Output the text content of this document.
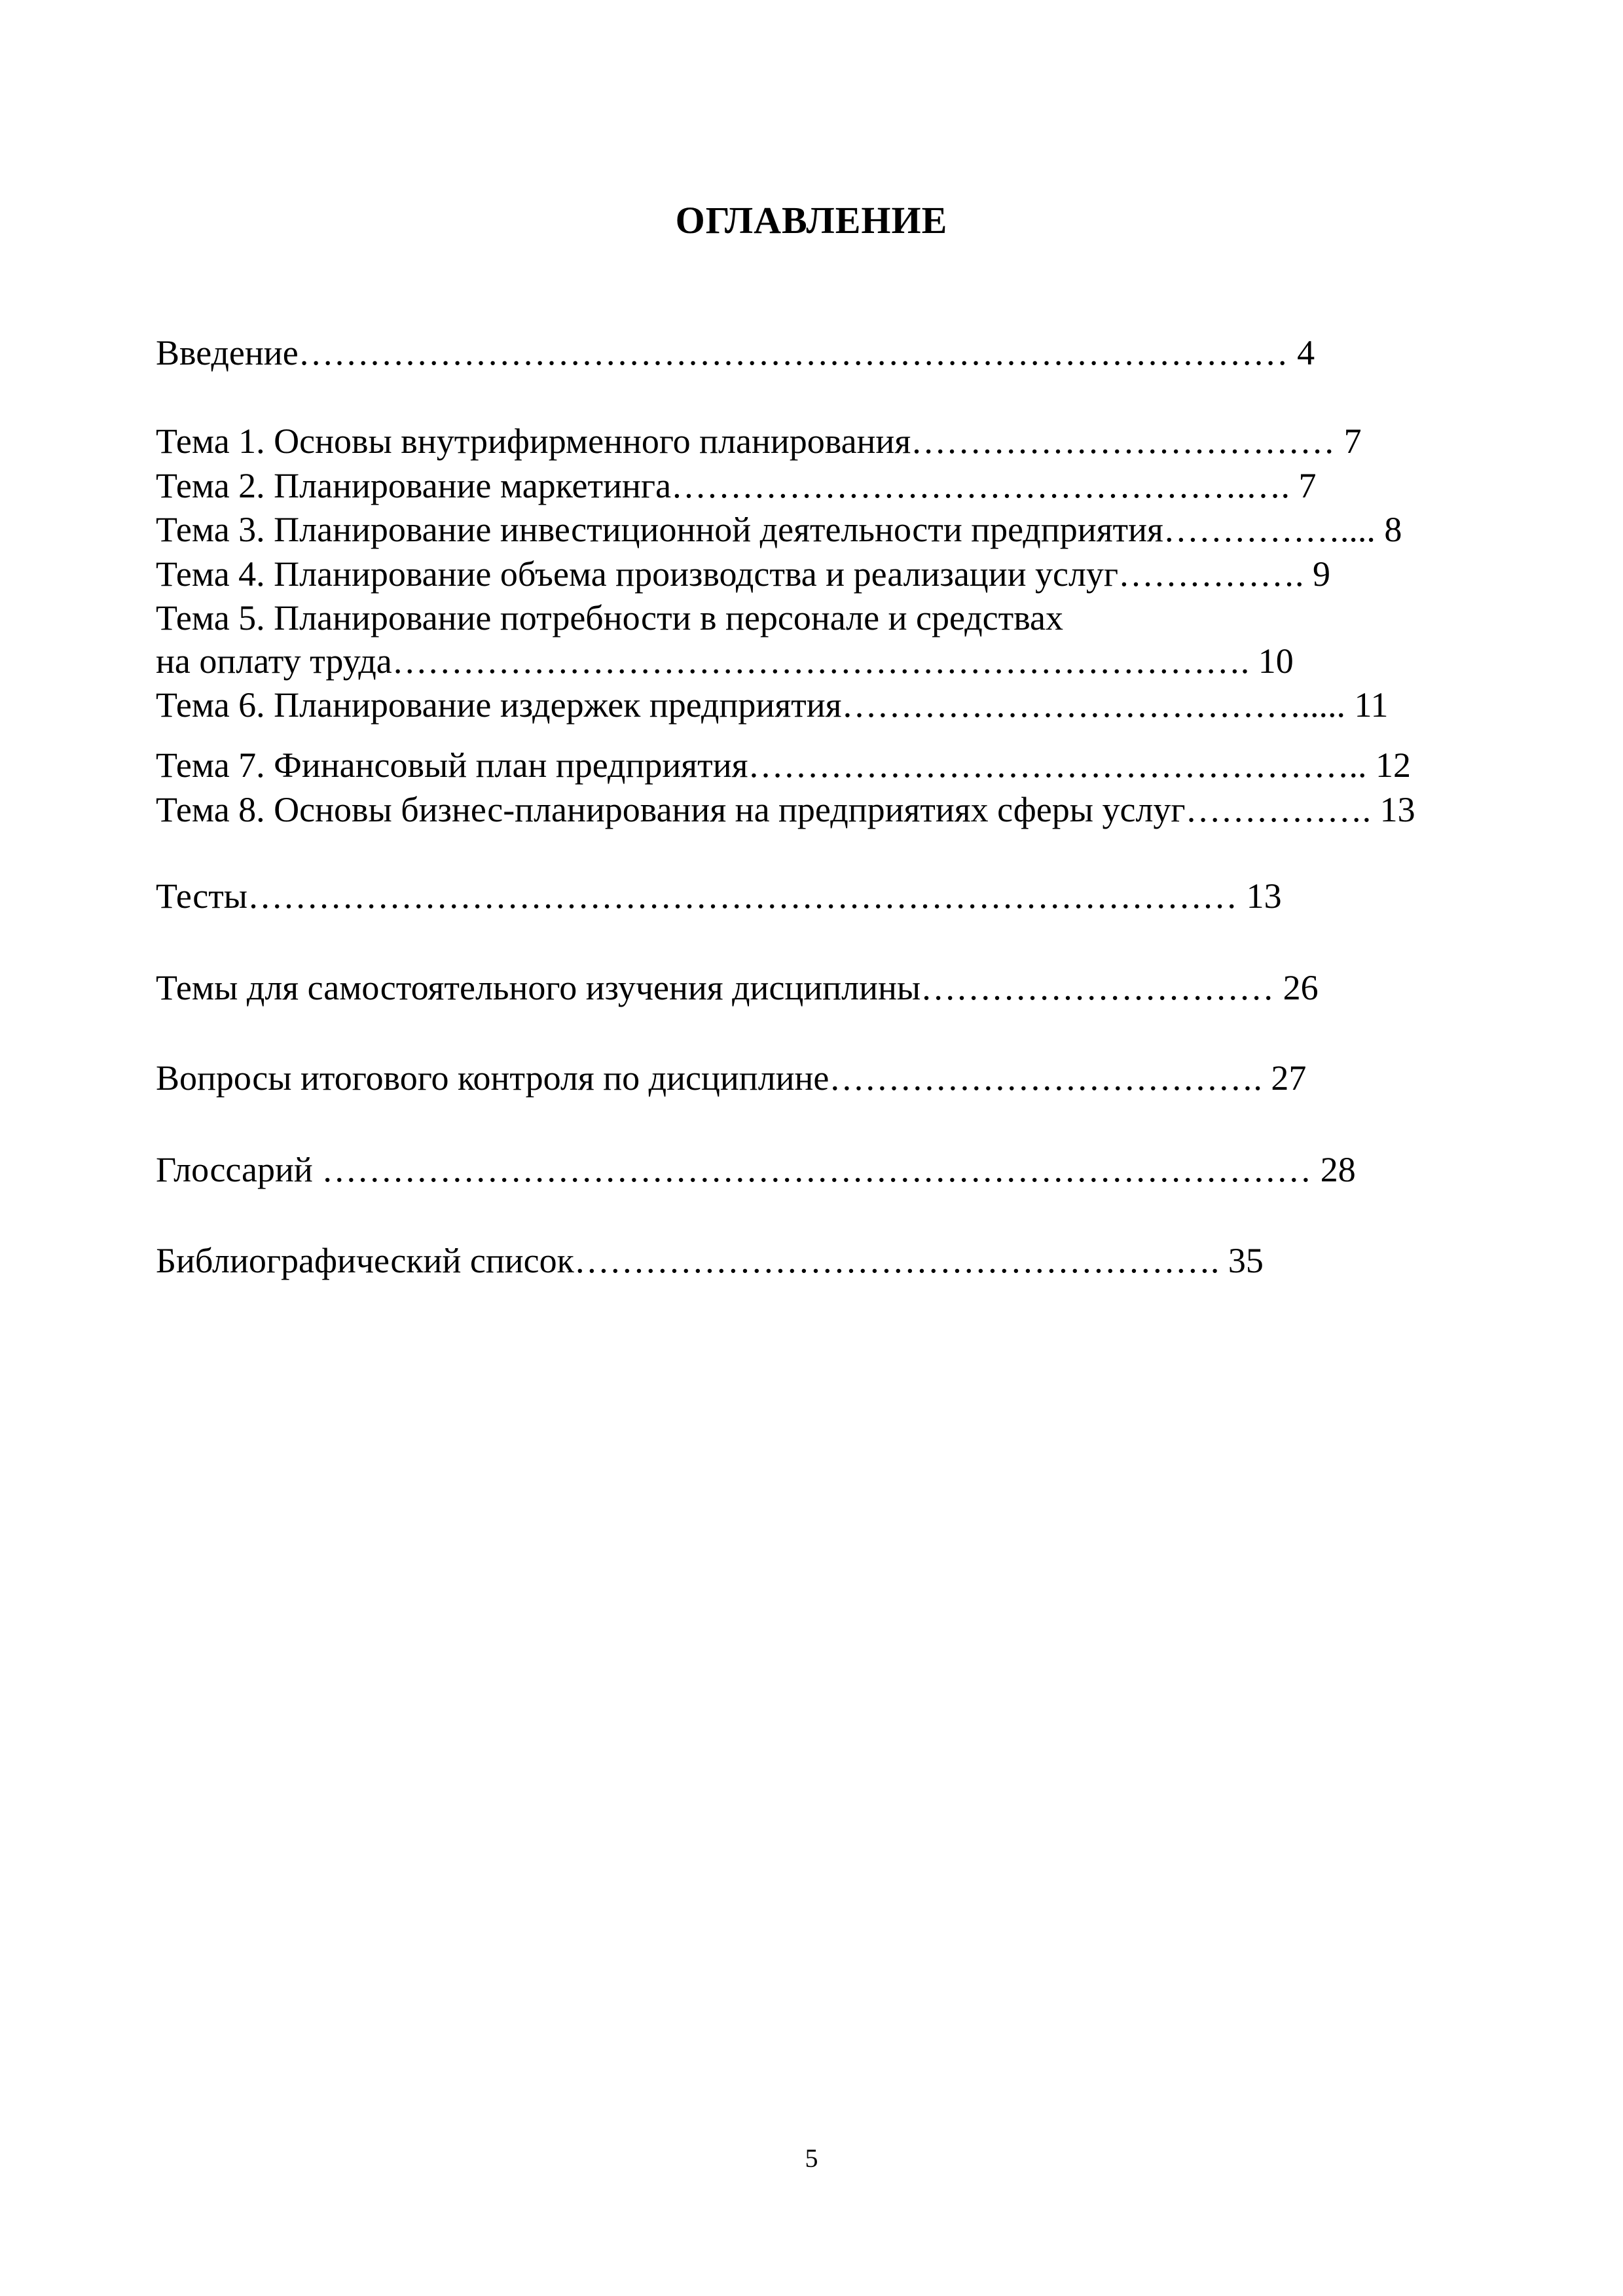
ОГЛАВЛЕНИЕ
Введение………………………………………………………………………… 4
Тема 1. Основы внутрифирменного планирования……………………………… 7
Тема 2. Планирование маркетинга………………………………………….…. 7
Тема 3. Планирование инвестиционной деятельности предприятия…………….... 8
Тема 4. Планирование объема производства и реализации услуг……………. 9
Тема 5. Планирование потребности в персонале и средствах
на оплату труда………………………………………………………………. 10
Тема 6. Планирование издержек предприятия…………………………………..... 11
Тема 7. Финансовый план предприятия…………………………………………….. 12
Тема 8. Основы бизнес-планирования на предприятиях сферы услуг……………. 13
Тесты………………………………………………………………………… 13
Темы для самостоятельного изучения дисциплины………………………… 26
Вопросы итогового контроля по дисциплине………………………………. 27
Глоссарий ………………………………………………………………………… 28
Библиографический список………………………………………………. 35
5
